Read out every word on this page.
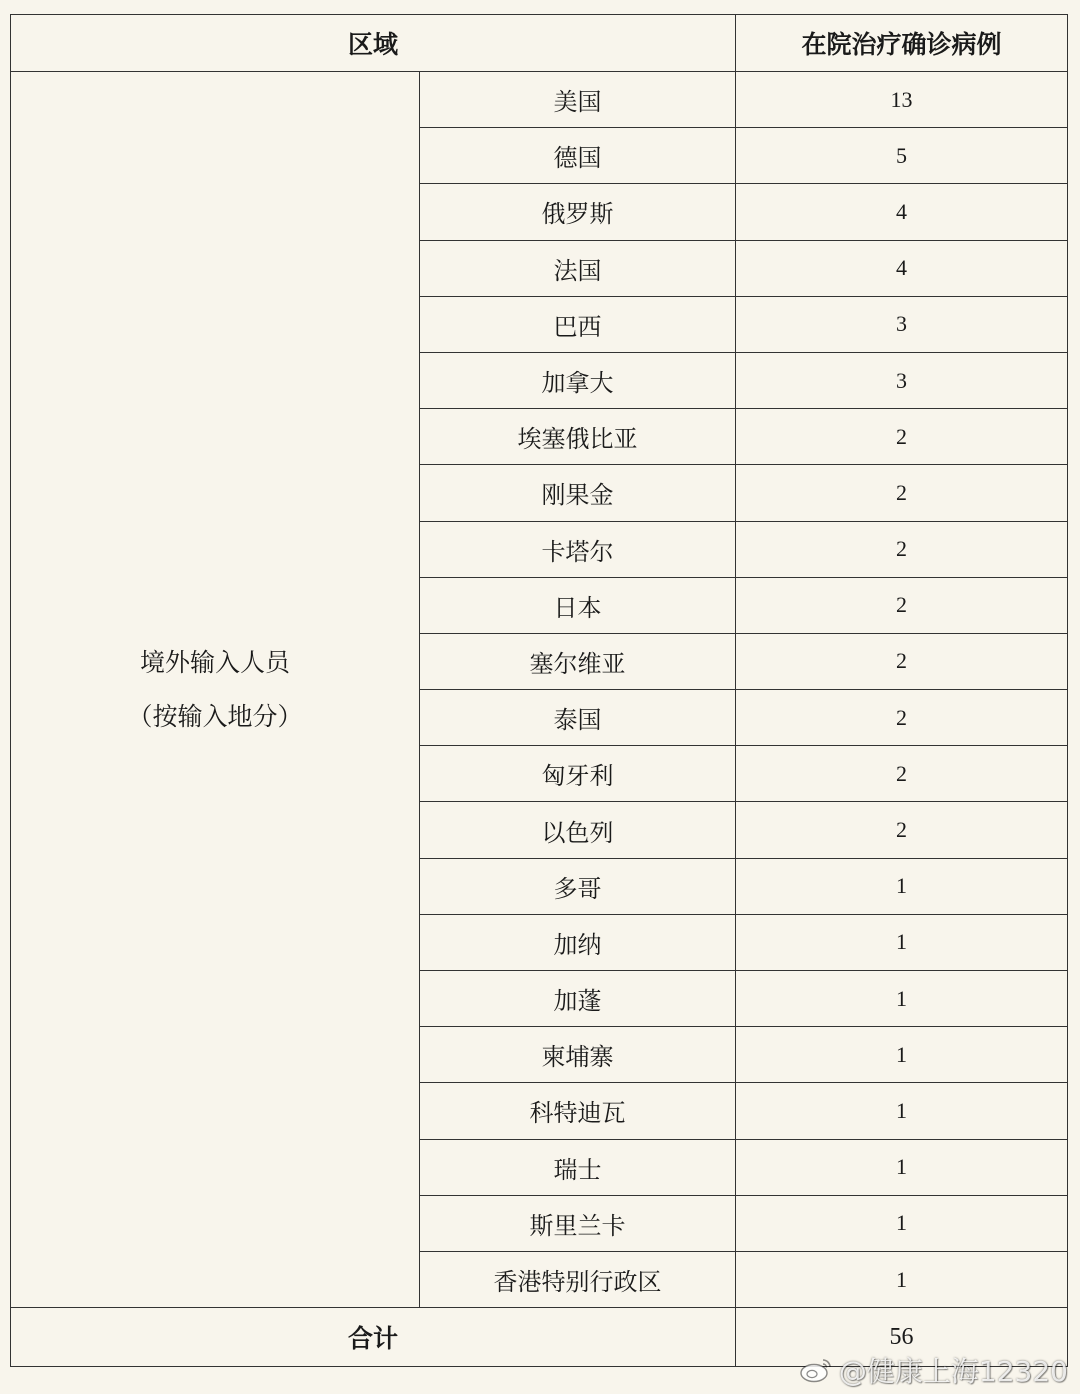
区域		在院治疗确诊病例

境外输入人员
（按输入地分）	美国	13
	德国	5
	俄罗斯	4
	法国	4
	巴西	3
	加拿大	3
	埃塞俄比亚	2
	刚果金	2
	卡塔尔	2
	日本	2
	塞尔维亚	2
	泰国	2
	匈牙利	2
	以色列	2
	多哥	1
	加纳	1
	加蓬	1
	柬埔寨	1
	科特迪瓦	1
	瑞士	1
	斯里兰卡	1
	香港特别行政区	1
合计		56
@健康上海12320
